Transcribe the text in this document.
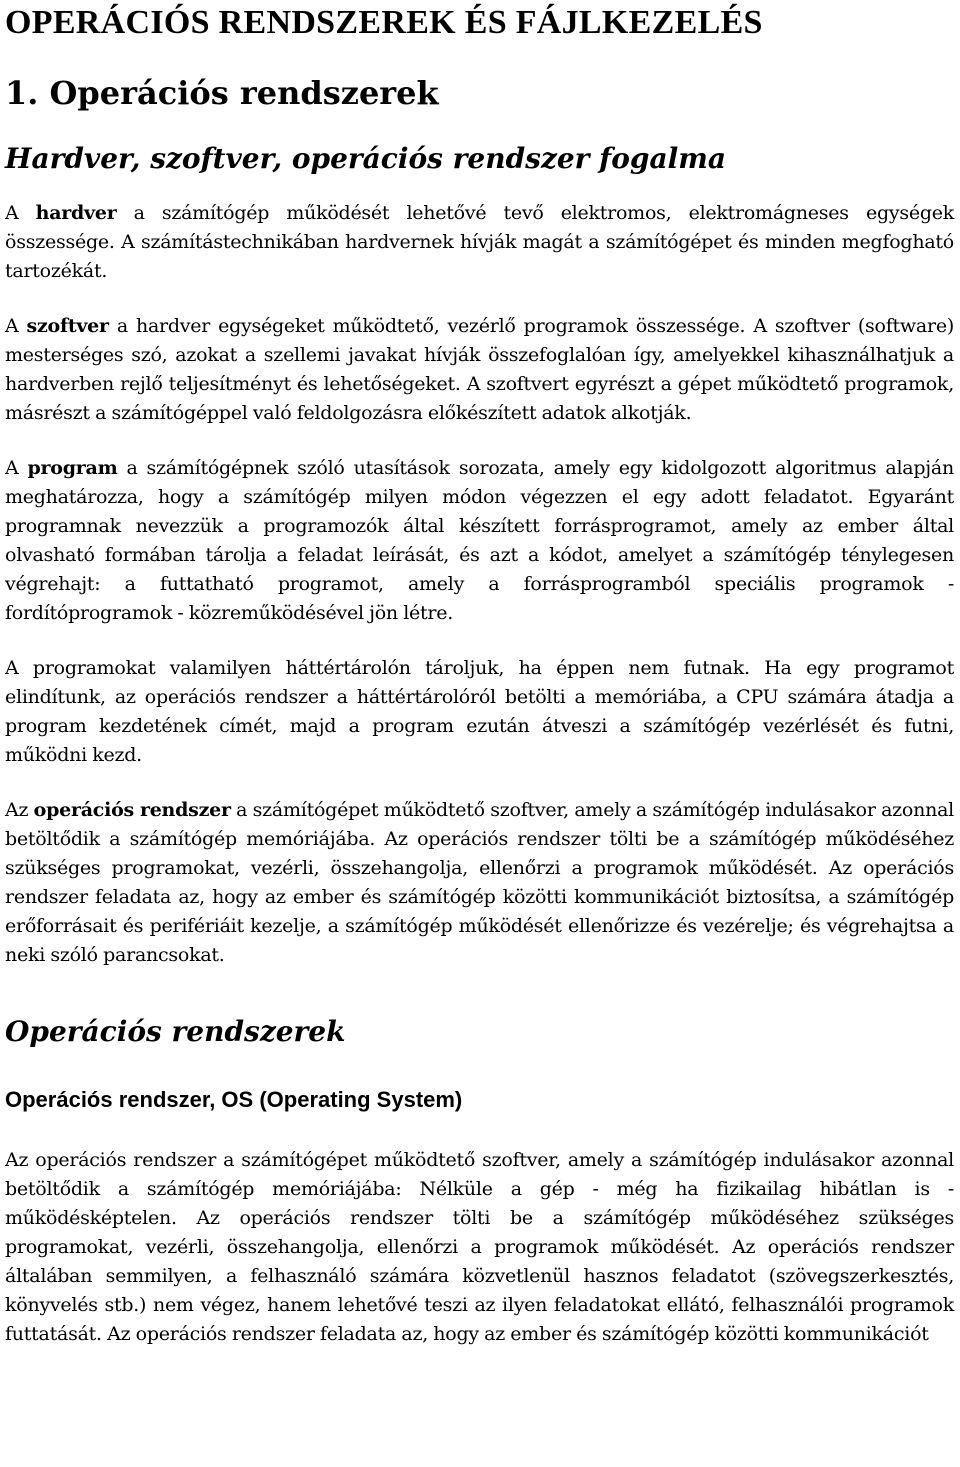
OPERÁCIÓS RENDSZEREK ÉS FÁJLKEZELÉS
1. Operációs rendszerek
Hardver, szoftver, operációs rendszer fogalma

A hardver a számítógép működését lehetővé tevő elektromos, elektromágneses egységek összessége. A számítástechnikában hardvernek hívják magát a számítógépet és minden megfogható tartozékát.

A szoftver a hardver egységeket működtető, vezérlő programok összessége. A szoftver (software) mesterséges szó, azokat a szellemi javakat hívják összefoglalóan így, amelyekkel kihasználhatjuk a hardverben rejlő teljesítményt és lehetőségeket. A szoftvert egyrészt a gépet működtető programok, másrészt a számítógéppel való feldolgozásra előkészített adatok alkotják.

A program a számítógépnek szóló utasítások sorozata, amely egy kidolgozott algoritmus alapján meghatározza, hogy a számítógép milyen módon végezzen el egy adott feladatot. Egyaránt programnak nevezzük a programozók által készített forrásprogramot, amely az ember által olvasható formában tárolja a feladat leírását, és azt a kódot, amelyet a számítógép ténylegesen végrehajt: a futtatható programot, amely a forrásprogramból speciális programok - fordítóprogramok - közreműködésével jön létre.

A programokat valamilyen háttértárolón tároljuk, ha éppen nem futnak. Ha egy programot elindítunk, az operációs rendszer a háttértárolóról betölti a memóriába, a CPU számára átadja a program kezdetének címét, majd a program ezután átveszi a számítógép vezérlését és futni, működni kezd.

Az operációs rendszer a számítógépet működtető szoftver, amely a számítógép indulásakor azonnal betöltődik a számítógép memóriájába. Az operációs rendszer tölti be a számítógép működéséhez szükséges programokat, vezérli, összehangolja, ellenőrzi a programok működését. Az operációs rendszer feladata az, hogy az ember és számítógép közötti kommunikációt biztosítsa, a számítógép erőforrásait és perifériáit kezelje, a számítógép működését ellenőrizze és vezérelje; és végrehajtsa a neki szóló parancsokat.

Operációs rendszerek
Operációs rendszer, OS (Operating System)

Az operációs rendszer a számítógépet működtető szoftver, amely a számítógép indulásakor azonnal betöltődik a számítógép memóriájába: Nélküle a gép - még ha fizikailag hibátlan is - működésképtelen. Az operációs rendszer tölti be a számítógép működéséhez szükséges programokat, vezérli, összehangolja, ellenőrzi a programok működését. Az operációs rendszer általában semmilyen, a felhasználó számára közvetlenül hasznos feladatot (szövegszerkesztés, könyvelés stb.) nem végez, hanem lehetővé teszi az ilyen feladatokat ellátó, felhasználói programok futtatását. Az operációs rendszer feladata az, hogy az ember és számítógép közötti kommunikációt
